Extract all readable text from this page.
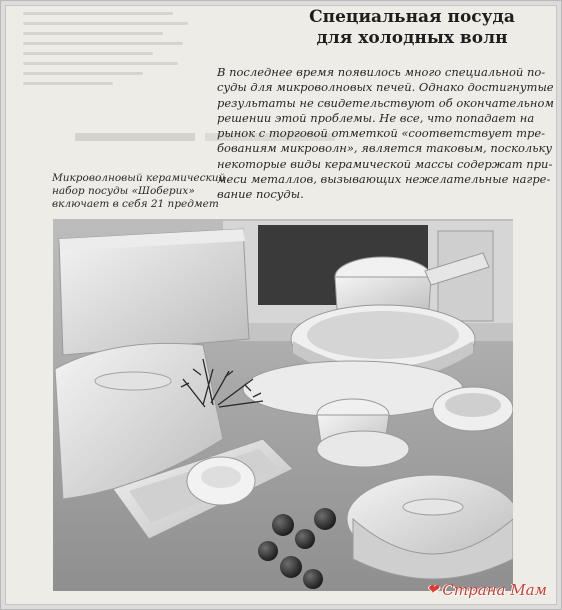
Специальная посуда
для холодных волн
В последнее время появилось много специальной по-
суды для микроволновых печей. Однако достигнутые
результаты не свидетельствуют об окончательном
решении этой проблемы. Не все, что попадает на
рынок с торговой отметкой «соответствует тре-
бованиям микроволн», является таковым, поскольку
некоторые виды керамической массы содержат при-
меси металлов, вызывающих нежелательные нагре-
вание посуды.
Микроволновый керамический
набор посуды «Шоберих»
включает в себя 21 предмет
❤ Страна Мам
